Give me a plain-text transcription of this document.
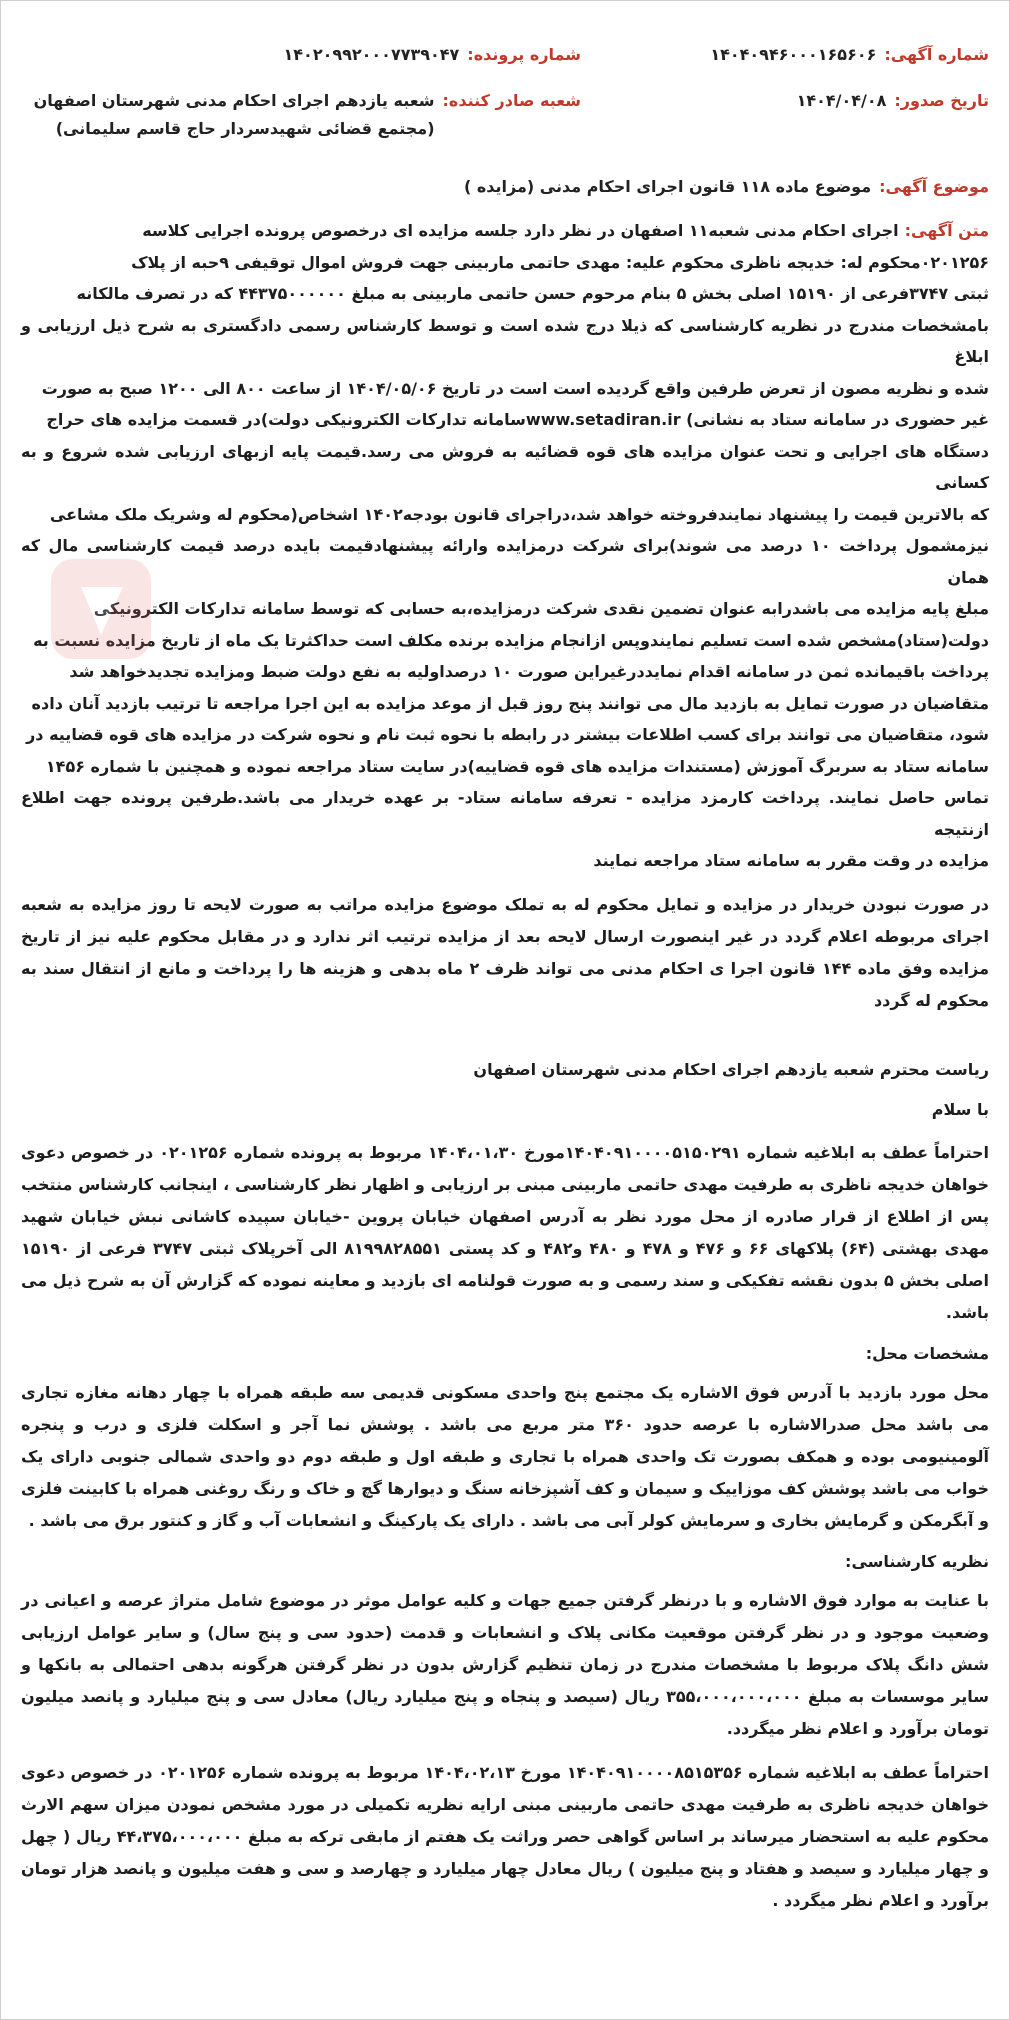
شماره آگهی:
۱۴۰۴۰۹۴۶۰۰۰۱۶۵۶۰۶
شماره پرونده:
۱۴۰۲۰۹۹۲۰۰۰۷۷۳۹۰۴۷
تاریخ صدور:
۱۴۰۴/۰۴/۰۸
شعبه صادر کننده:
شعبه یازدهم اجرای احکام مدنی شهرستان اصفهان (مجتمع قضائی شهیدسردار حاج قاسم سلیمانی)
موضوع آگهی:
موضوع ماده ۱۱۸ قانون اجرای احکام مدنی (مزایده )
متن آگهی:اجرای احکام مدنی شعبه۱۱ اصفهان در نظر دارد جلسه مزایده ای درخصوص پرونده اجرایی کلاسه
۰۲۰۱۲۵۶محکوم له: خدیجه ناظری محکوم علیه: مهدی حاتمی ماربینی جهت فروش اموال توقیفی ۹حبه از پلاک
ثبتی ۳۷۴۷فرعی از ۱۵۱۹۰ اصلی بخش ۵ بنام مرحوم حسن حاتمی ماربینی به مبلغ ۴۴۳۷۵۰۰۰۰۰۰ که در تصرف مالکانه
بامشخصات مندرج در نظریه کارشناسی که ذیلا درج شده است و توسط کارشناس رسمی دادگستری به شرح ذیل ارزیابی و ابلاغ
شده و نظریه مصون از تعرض طرفین واقع گردیده است است در تاریخ ۱۴۰۴/۰۵/۰۶ از ساعت ۸۰۰ الی ۱۲۰۰ صبح به صورت
غیر حضوری در سامانه ستاد به نشانی) www.setadiran.irسامانه تدارکات الکترونیکی دولت)در قسمت مزایده های حراج
دستگاه های اجرایی و تحت عنوان مزایده های قوه قضائیه به فروش می رسد.قیمت پایه ازبهای ارزیابی شده شروع و به کسانی
که بالاترین قیمت را پیشنهاد نمایندفروخته خواهد شد،دراجرای قانون بودجه۱۴۰۲ اشخاص(محکوم له وشریک ملک مشاعی
نیزمشمول پرداخت ۱۰ درصد می شوند)برای شرکت درمزایده وارائه پیشنهادقیمت بایده درصد قیمت کارشناسی مال که همان
مبلغ پایه مزایده می باشدرابه عنوان تضمین نقدی شرکت درمزایده،به حسابی که توسط سامانه تدارکات الکترونیکی
دولت(ستاد)مشخص شده است تسلیم نمایندوپس ازانجام مزایده برنده مکلف است حداکثرتا یک ماه از تاریخ مزایده نسبت به
پرداخت باقیمانده ثمن در سامانه اقدام نمایددرغیراین صورت ۱۰ درصداولیه به نفع دولت ضبط ومزایده تجدیدخواهد شد
متقاضیان در صورت تمایل به بازدید مال می توانند پنج روز قبل از موعد مزایده به این اجرا مراجعه تا ترتیب بازدید آنان داده
شود، متقاضیان می توانند برای کسب اطلاعات بیشتر در رابطه با نحوه ثبت نام و نحوه شرکت در مزایده های قوه قضاییه در
سامانه ستاد به سربرگ آموزش (مستندات مزایده های قوه قضاییه)در سایت ستاد مراجعه نموده و همچنین با شماره ۱۴۵۶
تماس حاصل نمایند. پرداخت کارمزد مزایده - تعرفه سامانه ستاد- بر عهده خریدار می باشد.طرفین پرونده جهت اطلاع ازنتیجه
مزایده در وقت مقرر به سامانه ستاد مراجعه نمایند

در صورت نبودن خریدار در مزایده و تمایل محکوم له به تملک موضوع مزایده مراتب به صورت لایحه تا روز مزایده به شعبه اجرای مربوطه اعلام گردد در غیر اینصورت ارسال لایحه بعد از مزایده ترتیب اثر ندارد و در مقابل محکوم علیه نیز از تاریخ مزایده وفق ماده ۱۴۴ قانون اجرا ی احکام مدنی می تواند ظرف ۲ ماه بدهی و هزینه ها را پرداخت و مانع از انتقال سند به محکوم له گردد

ریاست محترم شعبه یازدهم اجرای احکام مدنی شهرستان اصفهان

با سلام

احتراماً عطف به ابلاغیه شماره ۱۴۰۴۰۹۱۰۰۰۰۵۱۵۰۲۹۱مورخ ۱۴۰۴،۰۱،۳۰ مربوط به پرونده شماره ۰۲۰۱۲۵۶ در خصوص دعوی خواهان خدیجه ناظری به طرفیت مهدی حاتمی ماربینی مبنی بر ارزیابی و اظهار نظر کارشناسی ، اینجانب کارشناس منتخب پس از اطلاع از قرار صادره از محل مورد نظر به آدرس اصفهان خیابان پروین -خیابان سپیده کاشانی نبش خیابان شهید مهدی بهشتی (۶۴) پلاکهای ۶۶ و ۴۷۶ و ۴۷۸ و ۴۸۰ و۴۸۲ و کد پستی ۸۱۹۹۸۲۸۵۵۱ الی آخرپلاک ثبتی ۳۷۴۷ فرعی از ۱۵۱۹۰ اصلی بخش ۵ بدون نقشه تفکیکی و سند رسمی و به صورت قولنامه ای بازدید و معاینه نموده که گزارش آن به شرح ذیل می باشد.

مشخصات محل:

محل مورد بازدید با آدرس فوق الاشاره یک مجتمع پنج واحدی مسکونی قدیمی سه طبقه همراه با چهار دهانه مغازه تجاری می باشد محل صدرالاشاره با عرصه حدود ۳۶۰ متر مربع می باشد . پوشش نما آجر و اسکلت فلزی و درب و پنجره آلومینیومی بوده و همکف بصورت تک واحدی همراه با تجاری و طبقه اول و طبقه دوم دو واحدی شمالی جنوبی دارای یک خواب می باشد پوشش کف موزاییک و سیمان و کف آشپزخانه سنگ و دیوارها گچ و خاک و رنگ روغنی همراه با کابینت فلزی و آبگرمکن و گرمایش بخاری و سرمایش کولر آبی می باشد . دارای یک پارکینگ و انشعابات آب و گاز و کنتور برق می باشد .

نظریه کارشناسی:

با عنایت به موارد فوق الاشاره و با درنظر گرفتن جمیع جهات و کلیه عوامل موثر در موضوع شامل متراژ عرصه و اعیانی در وضعیت موجود و در نظر گرفتن موقعیت مکانی پلاک و انشعابات و قدمت (حدود سی و پنج سال) و سایر عوامل ارزیابی شش دانگ پلاک مربوط با مشخصات مندرج در زمان تنظیم گزارش بدون در نظر گرفتن هرگونه بدهی احتمالی به بانکها و سایر موسسات به مبلغ ۳۵۵،۰۰۰،۰۰۰،۰۰۰ ریال (سیصد و پنجاه و پنج میلیارد ریال) معادل سی و پنج میلیارد و پانصد میلیون تومان برآورد و اعلام نظر میگردد.

احتراماً عطف به ابلاغیه شماره ۱۴۰۴۰۹۱۰۰۰۰۸۵۱۵۳۵۶ مورخ ۱۴۰۴،۰۲،۱۳ مربوط به پرونده شماره ۰۲۰۱۲۵۶ در خصوص دعوی خواهان خدیجه ناظری به طرفیت مهدی حاتمی ماربینی مبنی ارایه نظریه تکمیلی در مورد مشخص نمودن میزان سهم الارث محکوم علیه به استحضار میرساند بر اساس گواهی حصر وراثت یک هفتم از مابقی ترکه به مبلغ ۴۴،۳۷۵،۰۰۰،۰۰۰ ریال ( چهل و چهار میلیارد و سیصد و هفتاد و پنج میلیون ) ریال معادل چهار میلیارد و چهارصد و سی و هفت میلیون و پانصد هزار تومان برآورد و اعلام نظر میگردد .
